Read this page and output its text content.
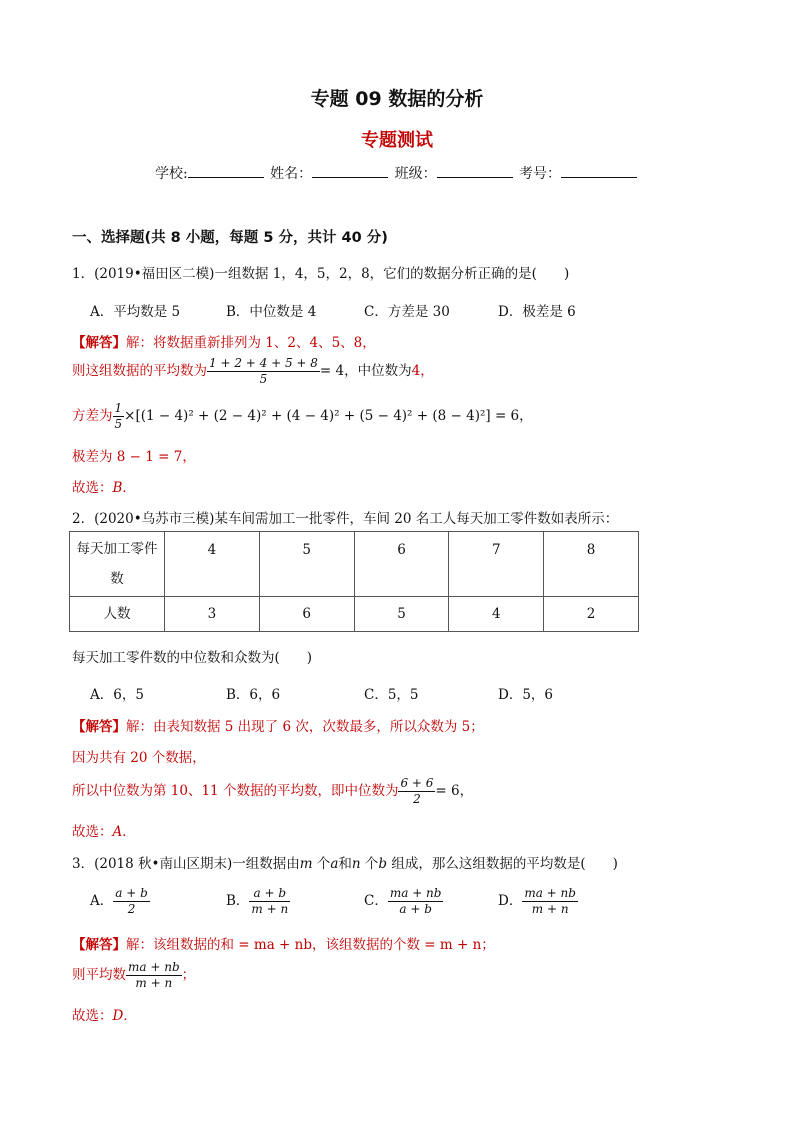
专题 09 数据的分析
专题测试
学校:	姓名：	班级：	考号：
一、选择题(共 8 小题，每题 5 分，共计 40 分)
1．(2019•福田区二模)一组数据 1，4，5，2，8，它们的数据分析正确的是(　　)
A．平均数是 5	B．中位数是 4	C．方差是 30	D．极差是 6
【解答】解：将数据重新排列为 1、2、4、5、8，
则这组数据的平均数为 $\frac{1 + 2 + 4 + 5 + 8}{5} = 4$，中位数为4，
方差为 $\frac{1}{5} \times[(1 - 4)^2 + (2 - 4)^2 + (4 - 4)^2 + (5 - 4)^2 + (8 - 4)^2] = 6$，
极差为 8 − 1 = 7，
故选：B．
2．(2020•乌苏市三模)某车间需加工一批零件，车间 20 名工人每天加工零件数如表所示：
每天加工零件
数	4	5	6	7	8
人数	3	6	5	4	2
每天加工零件数的中位数和众数为(　　)
A．6，5	B．6，6	C．5，5	D．5，6
【解答】解：由表知数据 5 出现了 6 次，次数最多，所以众数为 5；
因为共有 20 个数据，
所以中位数为第 10、11 个数据的平均数，即中位数为 $\frac{6 + 6}{2} = 6$，
故选：A．
3．(2018 秋•南山区期末)一组数据由m 个a和n 个b 组成，那么这组数据的平均数是(　　)
A． $\frac{a + b}{2}$	B． $\frac{a + b}{m + n}$	C． $\frac{ma + nb}{a + b}$	D． $\frac{ma + nb}{m + n}$
【解答】解：该组数据的和 = ma + nb，该组数据的个数 = m + n；
则平均数 $\frac{ma + nb}{m + n}$ ；
故选：D．
